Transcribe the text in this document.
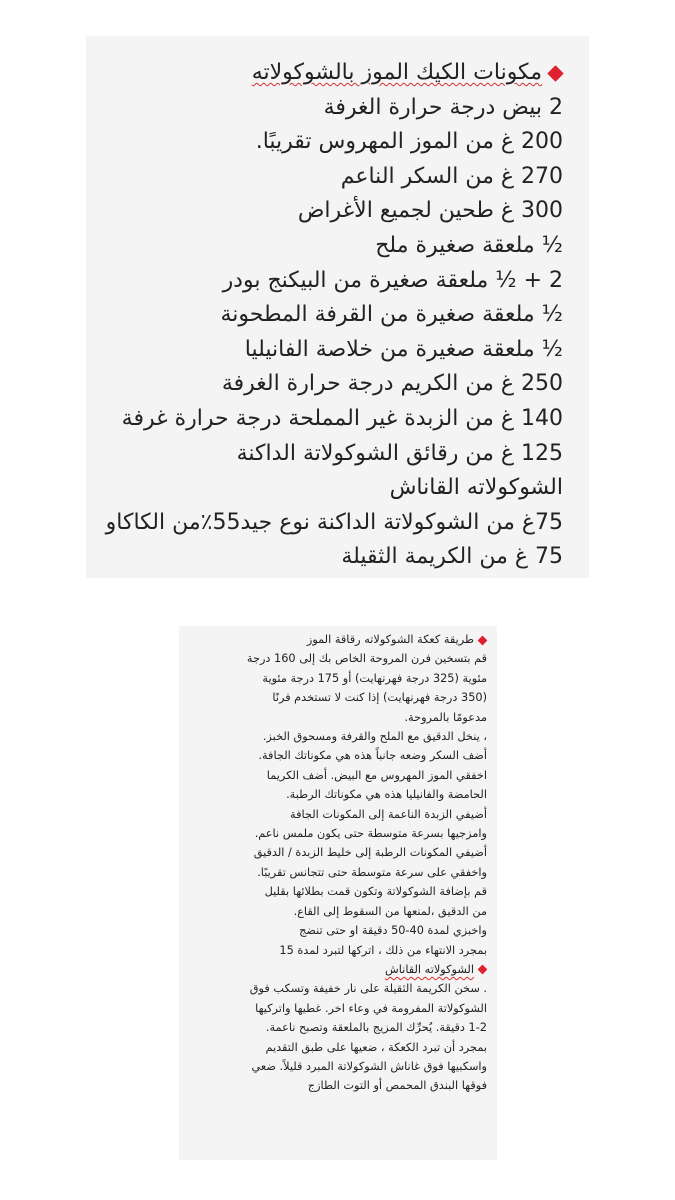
مكونات الكيك الموز بالشوكولاته
2 بيض درجة حرارة الغرفة
200 غ من الموز المهروس تقريبًا.
270 غ من السكر الناعم
300 غ طحين لجميع الأغراض
½ ملعقة صغيرة ملح
2 + ½ ملعقة صغيرة من البيكنج بودر
½ ملعقة صغيرة من القرفة المطحونة
½ ملعقة صغيرة من خلاصة الفانيليا
250 غ من الكريم درجة حرارة الغرفة
140 غ من الزبدة غير المملحة درجة حرارة غرفة
125 غ من رقائق الشوكولاتة الداكنة
الشوكولاته القاناش
75غ من الشوكولاتة الداكنة نوع جيد55٪من الكاكاو
75 غ من الكريمة الثقيلة
طريقة كعكة الشوكولاته رقاقة الموز
قم بتسخين فرن المروحة الخاص بك إلى 160 درجة
مئوية (325 درجة فهرنهايت) أو 175 درجة مئوية
(350 درجة فهرنهايت) إذا كنت لا تستخدم فرنًا
مدعومًا بالمروحة.
، ينخل الدقيق مع الملح والقرفة ومسحوق الخبز.
أضف السكر وضعه جانباً هذه هي مكوناتك الجافة.
اخفقي الموز المهروس مع البيض. أضف الكريما
الحامضة والفانيليا هذه هي مكوناتك الرطبة.
أضيفي الزبدة الناعمة إلى المكونات الجافة
وامزجيها بسرعة متوسطة حتى يكون ملمس ناعم.
أضيفي المكونات الرطبة إلى خليط الزبدة / الدقيق
واخفقي على سرعة متوسطة حتى تتجانس تقريبًا.
قم بإضافة الشوكولاتة وتكون قمت بطلائها بقليل
من الدقيق ،لمنعها من السقوط إلى القاع.
واخبزي لمدة 40-50 دقيقة او حتى تنضج
بمجرد الانتهاء من ذلك ، اتركها لتبرد لمدة 15
الشوكولاته القاناش
. سخن الكريمة الثقيلة على نار خفيفة وتسكب فوق
الشوكولاتة المفرومة في وعاء اخر. غطيها واتركيها
1-2 دقيقة. يُحرِّك المزيج بالملعقة وتصبح ناعمة.
بمجرد أن تبرد الكعكة ، ضعيها على طبق التقديم
واسكبيها فوق غاناش الشوكولاتة المبرد قليلاً. ضعي
فوقها البندق المحمص أو التوت الطازج
